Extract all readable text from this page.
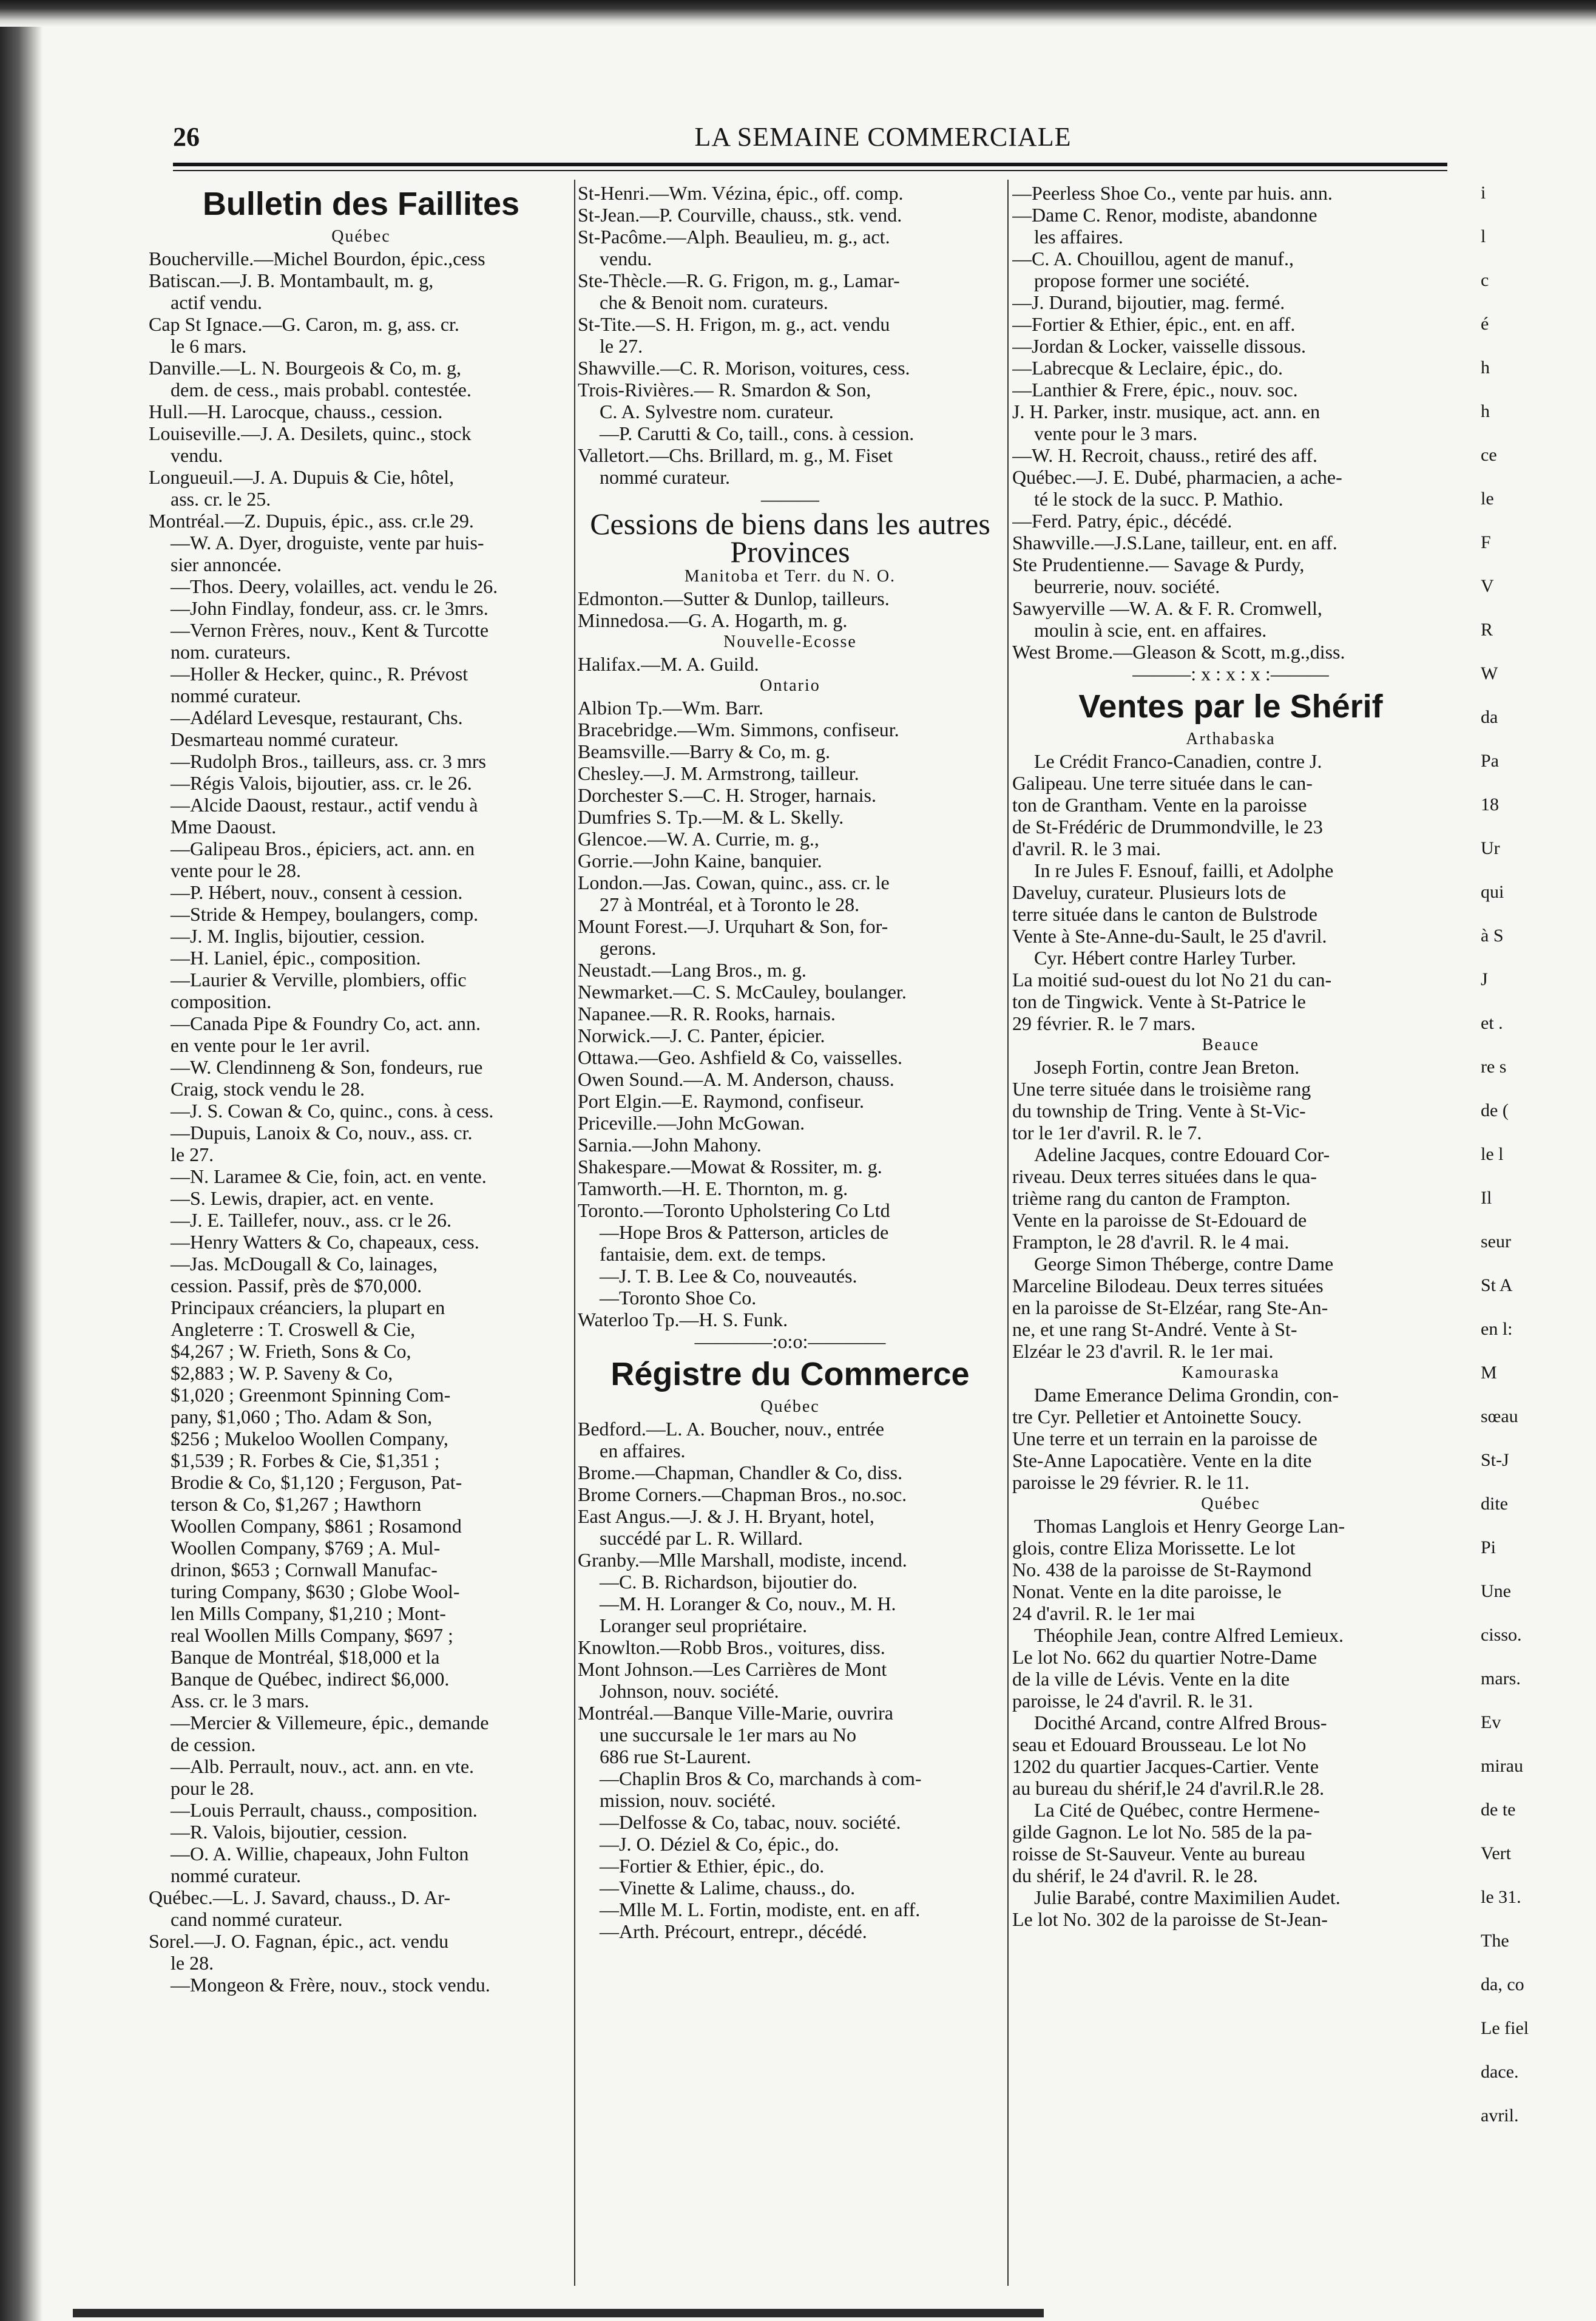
26	LA SEMAINE COMMERCIALE
Bulletin des Faillites
Québec
Boucherville.—Michel Bourdon, épic.,cess
Batiscan.—J. B. Montambault, m. g,
actif vendu.
Cap St Ignace.—G. Caron, m. g, ass. cr.
le 6 mars.
Danville.—L. N. Bourgeois & Co, m. g,
dem. de cess., mais probabl. contestée.
Hull.—H. Larocque, chauss., cession.
Louiseville.—J. A. Desilets, quinc., stock
vendu.
Longueuil.—J. A. Dupuis & Cie, hôtel,
ass. cr. le 25.
Montréal.—Z. Dupuis, épic., ass. cr.le 29.
—W. A. Dyer, droguiste, vente par huis-
sier annoncée.
—Thos. Deery, volailles, act. vendu le 26.
—John Findlay, fondeur, ass. cr. le 3mrs.
—Vernon Frères, nouv., Kent & Turcotte
nom. curateurs.
—Holler & Hecker, quinc., R. Prévost
nommé curateur.
—Adélard Levesque, restaurant, Chs.
Desmarteau nommé curateur.
—Rudolph Bros., tailleurs, ass. cr. 3 mrs
—Régis Valois, bijoutier, ass. cr. le 26.
—Alcide Daoust, restaur., actif vendu à
Mme Daoust.
—Galipeau Bros., épiciers, act. ann. en
vente pour le 28.
—P. Hébert, nouv., consent à cession.
—Stride & Hempey, boulangers, comp.
—J. M. Inglis, bijoutier, cession.
—H. Laniel, épic., composition.
—Laurier & Verville, plombiers, offic
composition.
—Canada Pipe & Foundry Co, act. ann.
en vente pour le 1er avril.
—W. Clendinneng & Son, fondeurs, rue
Craig, stock vendu le 28.
—J. S. Cowan & Co, quinc., cons. à cess.
—Dupuis, Lanoix & Co, nouv., ass. cr.
le 27.
—N. Laramee & Cie, foin, act. en vente.
—S. Lewis, drapier, act. en vente.
—J. E. Taillefer, nouv., ass. cr le 26.
—Henry Watters & Co, chapeaux, cess.
—Jas. McDougall & Co, lainages,
cession. Passif, près de $70,000.
Principaux créanciers, la plupart en
Angleterre : T. Croswell & Cie,
$4,267 ; W. Frieth, Sons & Co,
$2,883 ; W. P. Saveny & Co,
$1,020 ; Greenmont Spinning Com-
pany, $1,060 ; Tho. Adam & Son,
$256 ; Mukeloo Woollen Company,
$1,539 ; R. Forbes & Cie, $1,351 ;
Brodie & Co, $1,120 ; Ferguson, Pat-
terson & Co, $1,267 ; Hawthorn
Woollen Company, $861 ; Rosamond
Woollen Company, $769 ; A. Mul-
drinon, $653 ; Cornwall Manufac-
turing Company, $630 ; Globe Wool-
len Mills Company, $1,210 ; Mont-
real Woollen Mills Company, $697 ;
Banque de Montréal, $18,000 et la
Banque de Québec, indirect $6,000.
Ass. cr. le 3 mars.
—Mercier & Villemeure, épic., demande
de cession.
—Alb. Perrault, nouv., act. ann. en vte.
pour le 28.
—Louis Perrault, chauss., composition.
—R. Valois, bijoutier, cession.
—O. A. Willie, chapeaux, John Fulton
nommé curateur.
Québec.—L. J. Savard, chauss., D. Ar-
cand nommé curateur.
Sorel.—J. O. Fagnan, épic., act. vendu
le 28.
—Mongeon & Frère, nouv., stock vendu.
St-Henri.—Wm. Vézina, épic., off. comp.
St-Jean.—P. Courville, chauss., stk. vend.
St-Pacôme.—Alph. Beaulieu, m. g., act.
vendu.
Ste-Thècle.—R. G. Frigon, m. g., Lamar-
che & Benoit nom. curateurs.
St-Tite.—S. H. Frigon, m. g., act. vendu
le 27.
Shawville.—C. R. Morison, voitures, cess.
Trois-Rivières.— R. Smardon & Son,
C. A. Sylvestre nom. curateur.
—P. Carutti & Co, taill., cons. à cession.
Valletort.—Chs. Brillard, m. g., M. Fiset
nommé curateur.
———
Cessions de biens dans les autres
Provinces
Manitoba et Terr. du N. O.
Edmonton.—Sutter & Dunlop, tailleurs.
Minnedosa.—G. A. Hogarth, m. g.
Nouvelle-Ecosse
Halifax.—M. A. Guild.
Ontario
Albion Tp.—Wm. Barr.
Bracebridge.—Wm. Simmons, confiseur.
Beamsville.—Barry & Co, m. g.
Chesley.—J. M. Armstrong, tailleur.
Dorchester S.—C. H. Stroger, harnais.
Dumfries S. Tp.—M. & L. Skelly.
Glencoe.—W. A. Currie, m. g.,
Gorrie.—John Kaine, banquier.
London.—Jas. Cowan, quinc., ass. cr. le
27 à Montréal, et à Toronto le 28.
Mount Forest.—J. Urquhart & Son, for-
gerons.
Neustadt.—Lang Bros., m. g.
Newmarket.—C. S. McCauley, boulanger.
Napanee.—R. R. Rooks, harnais.
Norwick.—J. C. Panter, épicier.
Ottawa.—Geo. Ashfield & Co, vaisselles.
Owen Sound.—A. M. Anderson, chauss.
Port Elgin.—E. Raymond, confiseur.
Priceville.—John McGowan.
Sarnia.—John Mahony.
Shakespare.—Mowat & Rossiter, m. g.
Tamworth.—H. E. Thornton, m. g.
Toronto.—Toronto Upholstering Co Ltd
—Hope Bros & Patterson, articles de
fantaisie, dem. ext. de temps.
—J. T. B. Lee & Co, nouveautés.
—Toronto Shoe Co.
Waterloo Tp.—H. S. Funk.
————:o:o:————
Régistre du Commerce
Québec
Bedford.—L. A. Boucher, nouv., entrée
en affaires.
Brome.—Chapman, Chandler & Co, diss.
Brome Corners.—Chapman Bros., no.soc.
East Angus.—J. & J. H. Bryant, hotel,
succédé par L. R. Willard.
Granby.—Mlle Marshall, modiste, incend.
—C. B. Richardson, bijoutier do.
—M. H. Loranger & Co, nouv., M. H.
Loranger seul propriétaire.
Knowlton.—Robb Bros., voitures, diss.
Mont Johnson.—Les Carrières de Mont
Johnson, nouv. société.
Montréal.—Banque Ville-Marie, ouvrira
une succursale le 1er mars au No
686 rue St-Laurent.
—Chaplin Bros & Co, marchands à com-
mission, nouv. société.
—Delfosse & Co, tabac, nouv. société.
—J. O. Déziel & Co, épic., do.
—Fortier & Ethier, épic., do.
—Vinette & Lalime, chauss., do.
—Mlle M. L. Fortin, modiste, ent. en aff.
—Arth. Précourt, entrepr., décédé.
—Peerless Shoe Co., vente par huis. ann.
—Dame C. Renor, modiste, abandonne
les affaires.
—C. A. Chouillou, agent de manuf.,
propose former une société.
—J. Durand, bijoutier, mag. fermé.
—Fortier & Ethier, épic., ent. en aff.
—Jordan & Locker, vaisselle dissous.
—Labrecque & Leclaire, épic., do.
—Lanthier & Frere, épic., nouv. soc.
J. H. Parker, instr. musique, act. ann. en
vente pour le 3 mars.
—W. H. Recroit, chauss., retiré des aff.
Québec.—J. E. Dubé, pharmacien, a ache-
té le stock de la succ. P. Mathio.
—Ferd. Patry, épic., décédé.
Shawville.—J.S.Lane, tailleur, ent. en aff.
Ste Prudentienne.— Savage & Purdy,
beurrerie, nouv. société.
Sawyerville —W. A. & F. R. Cromwell,
moulin à scie, ent. en affaires.
West Brome.—Gleason & Scott, m.g.,diss.
———: x : x : x :———
Ventes par le Shérif
Arthabaska
Le Crédit Franco-Canadien, contre J.
Galipeau. Une terre située dans le can-
ton de Grantham. Vente en la paroisse
de St-Frédéric de Drummondville, le 23
d'avril. R. le 3 mai.
In re Jules F. Esnouf, failli, et Adolphe
Daveluy, curateur. Plusieurs lots de
terre située dans le canton de Bulstrode
Vente à Ste-Anne-du-Sault, le 25 d'avril.
Cyr. Hébert contre Harley Turber.
La moitié sud-ouest du lot No 21 du can-
ton de Tingwick. Vente à St-Patrice le
29 février. R. le 7 mars.
Beauce
Joseph Fortin, contre Jean Breton.
Une terre située dans le troisième rang
du township de Tring. Vente à St-Vic-
tor le 1er d'avril. R. le 7.
Adeline Jacques, contre Edouard Cor-
riveau. Deux terres situées dans le qua-
trième rang du canton de Frampton.
Vente en la paroisse de St-Edouard de
Frampton, le 28 d'avril. R. le 4 mai.
George Simon Théberge, contre Dame
Marceline Bilodeau. Deux terres situées
en la paroisse de St-Elzéar, rang Ste-An-
ne, et une rang St-André. Vente à St-
Elzéar le 23 d'avril. R. le 1er mai.
Kamouraska
Dame Emerance Delima Grondin, con-
tre Cyr. Pelletier et Antoinette Soucy.
Une terre et un terrain en la paroisse de
Ste-Anne Lapocatière. Vente en la dite
paroisse le 29 février. R. le 11.
Québec
Thomas Langlois et Henry George Lan-
glois, contre Eliza Morissette. Le lot
No. 438 de la paroisse de St-Raymond
Nonat. Vente en la dite paroisse, le
24 d'avril. R. le 1er mai
Théophile Jean, contre Alfred Lemieux.
Le lot No. 662 du quartier Notre-Dame
de la ville de Lévis. Vente en la dite
paroisse, le 24 d'avril. R. le 31.
Docithé Arcand, contre Alfred Brous-
seau et Edouard Brousseau. Le lot No
1202 du quartier Jacques-Cartier. Vente
au bureau du shérif,le 24 d'avril.R.le 28.
La Cité de Québec, contre Hermene-
gilde Gagnon. Le lot No. 585 de la pa-
roisse de St-Sauveur. Vente au bureau
du shérif, le 24 d'avril. R. le 28.
Julie Barabé, contre Maximilien Audet.
Le lot No. 302 de la paroisse de St-Jean-
i
l
c
é
h
h
ce
le
F
V
R
W
da
Pa
18
Ur
qui
à S
J
et .
re s
de (
le l
Il
seur
St A
en l:
M
sœau
St-J
dite
Pi
Une
cisso.
mars.
Ev
mirau
de te
Vert
le 31.
The
da, co
Le fiel
dace.
avril.
